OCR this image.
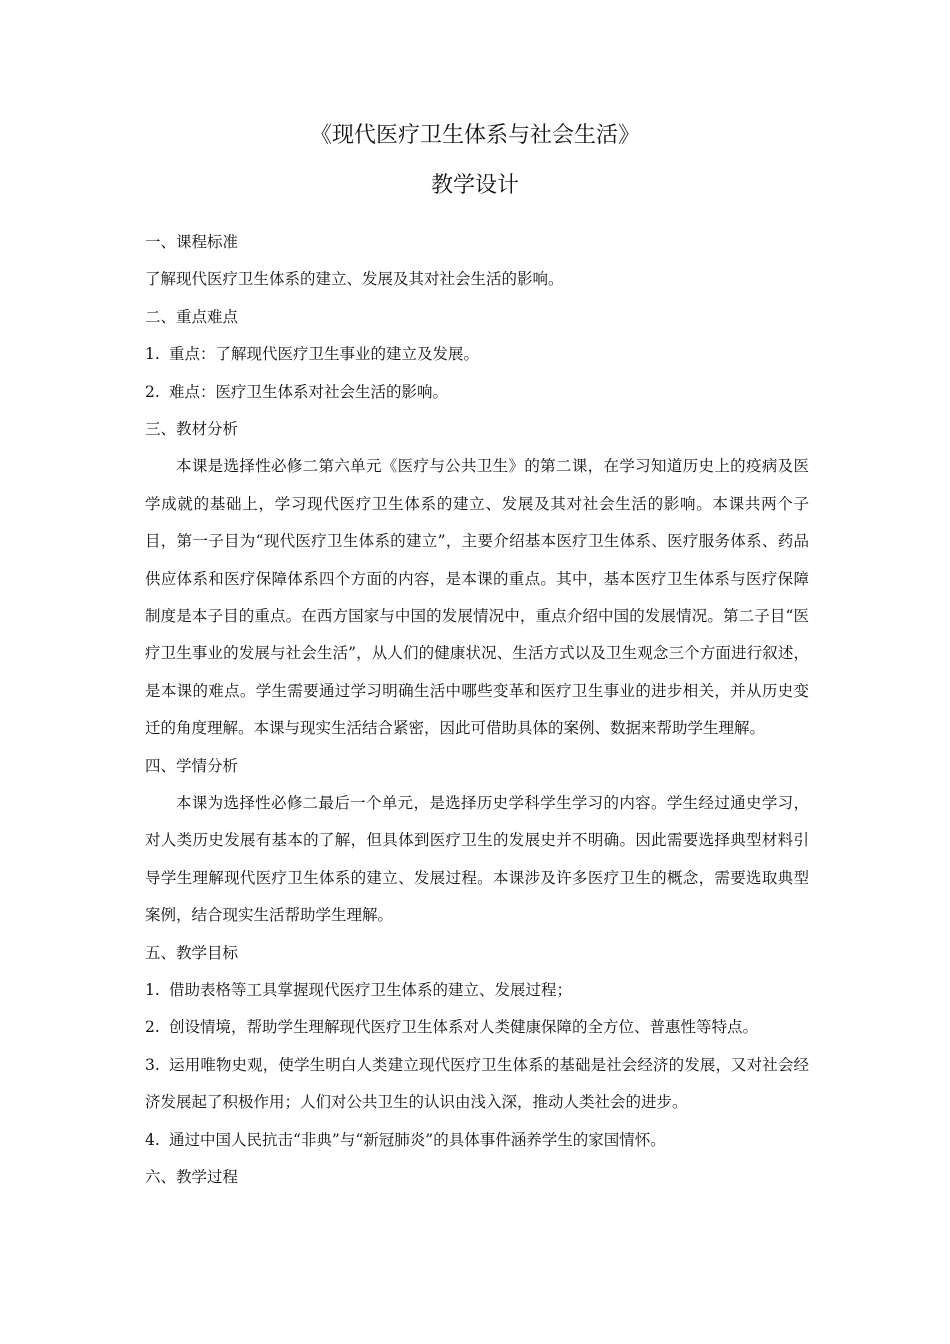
《现代医疗卫生体系与社会生活》
教学设计
一、课程标准
了解现代医疗卫生体系的建立、发展及其对社会生活的影响。
二、重点难点
1. 重点：了解现代医疗卫生事业的建立及发展。
2. 难点：医疗卫生体系对社会生活的影响。
三、教材分析
本课是选择性必修二第六单元《医疗与公共卫生》的第二课，在学习知道历史上的疫病及医学成就的基础上，学习现代医疗卫生体系的建立、发展及其对社会生活的影响。本课共两个子目，第一子目为“现代医疗卫生体系的建立”，主要介绍基本医疗卫生体系、医疗服务体系、药品供应体系和医疗保障体系四个方面的内容，是本课的重点。其中，基本医疗卫生体系与医疗保障制度是本子目的重点。在西方国家与中国的发展情况中，重点介绍中国的发展情况。第二子目“医疗卫生事业的发展与社会生活”，从人们的健康状况、生活方式以及卫生观念三个方面进行叙述，是本课的难点。学生需要通过学习明确生活中哪些变革和医疗卫生事业的进步相关，并从历史变迁的角度理解。本课与现实生活结合紧密，因此可借助具体的案例、数据来帮助学生理解。
四、学情分析
本课为选择性必修二最后一个单元，是选择历史学科学生学习的内容。学生经过通史学习，对人类历史发展有基本的了解，但具体到医疗卫生的发展史并不明确。因此需要选择典型材料引导学生理解现代医疗卫生体系的建立、发展过程。本课涉及许多医疗卫生的概念，需要选取典型案例，结合现实生活帮助学生理解。
五、教学目标
1. 借助表格等工具掌握现代医疗卫生体系的建立、发展过程；
2. 创设情境，帮助学生理解现代医疗卫生体系对人类健康保障的全方位、普惠性等特点。
3. 运用唯物史观，使学生明白人类建立现代医疗卫生体系的基础是社会经济的发展，又对社会经济发展起了积极作用；人们对公共卫生的认识由浅入深，推动人类社会的进步。
4. 通过中国人民抗击“非典”与“新冠肺炎”的具体事件涵养学生的家国情怀。
六、教学过程
